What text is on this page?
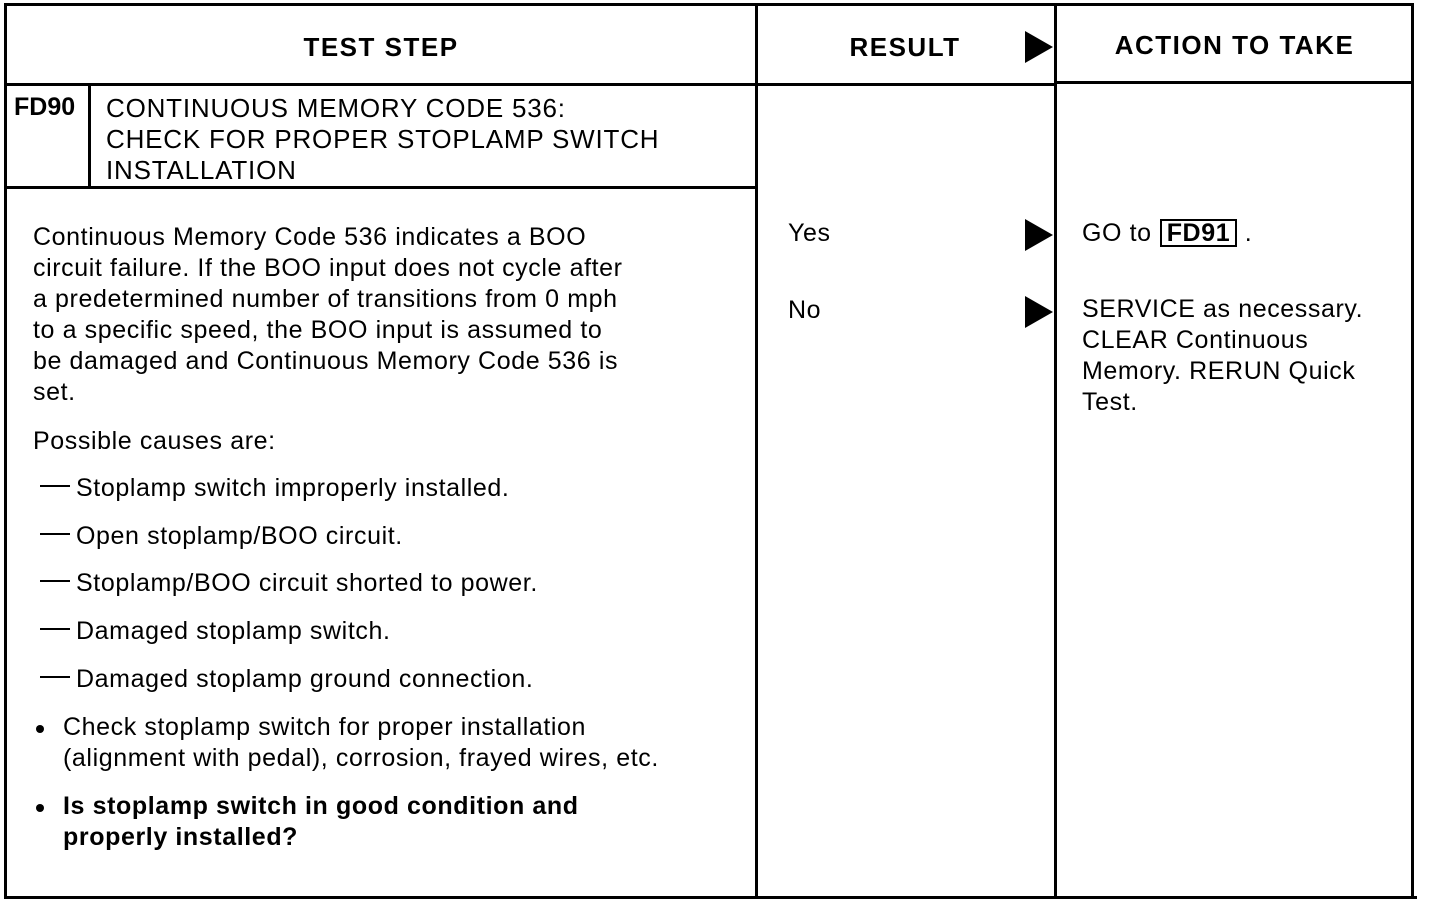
TEST STEP	RESULT	ACTION TO TAKE
FD90 CONTINUOUS MEMORY CODE 536:
CHECK FOR PROPER STOPLAMP SWITCH
INSTALLATION
Continuous Memory Code 536 indicates a BOO
circuit failure. If the BOO input does not cycle after
a predetermined number of transitions from 0 mph
to a specific speed, the BOO input is assumed to
be damaged and Continuous Memory Code 536 is
set.
Possible causes are:
Stoplamp switch improperly installed.
Open stoplamp/BOO circuit.
Stoplamp/BOO circuit shorted to power.
Damaged stoplamp switch.
Damaged stoplamp ground connection.
Check stoplamp switch for proper installation
(alignment with pedal), corrosion, frayed wires, etc.
Is stoplamp switch in good condition and
properly installed?
Yes
No
GO to FD91 .
SERVICE as necessary.
CLEAR Continuous
Memory. RERUN Quick
Test.
